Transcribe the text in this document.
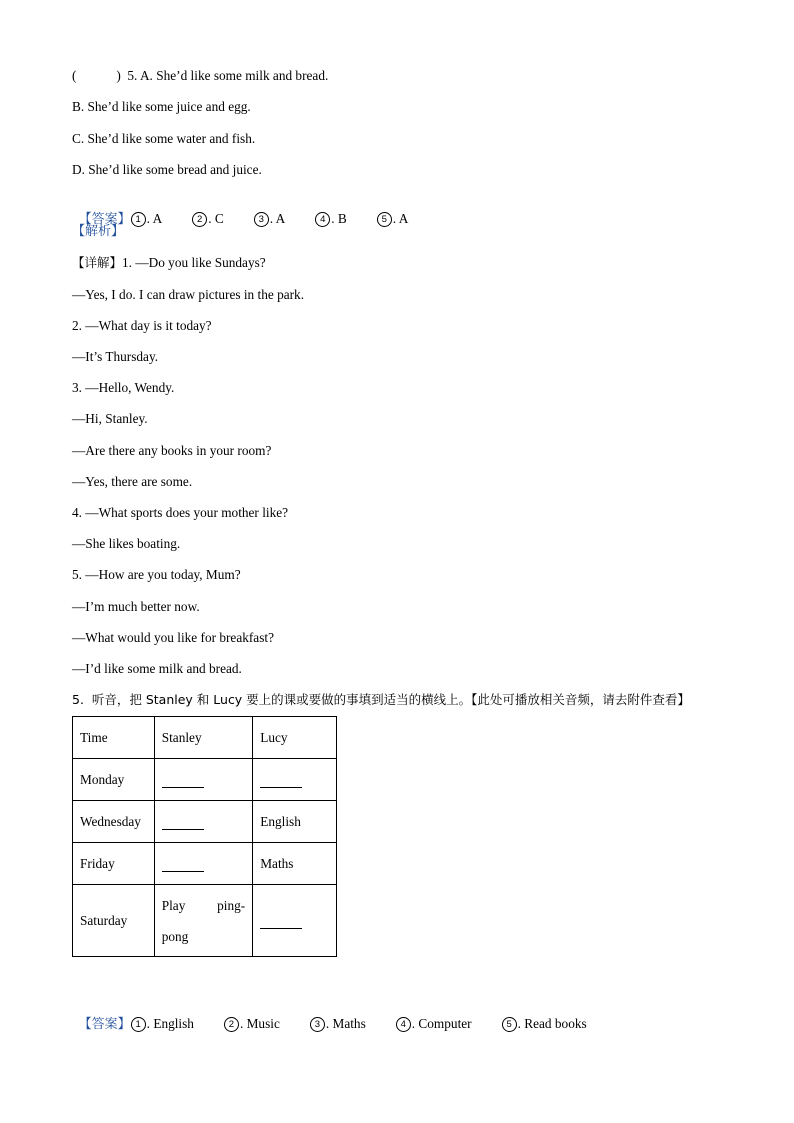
(            )  5. A. She’d like some milk and bread.
B. She’d like some juice and egg.
C. She’d like some water and fish.
D. She’d like some bread and juice.

【答案】 1 . A	2 . C	3 . A	4 . B	5 . A

【解析】
【详解】1. —Do you like Sundays?
—Yes, I do. I can draw pictures in the park.
2. —What day is it today?
—It’s Thursday.
3. —Hello, Wendy.
—Hi, Stanley.
—Are there any books in your room?
—Yes, there are some.
4. —What sports does your mother like?
—She likes boating.
5. —How are you today, Mum?
—I’m much better now.
—What would you like for breakfast?
—I’d like some milk and bread.
5.  听音，把 Stanley 和 Lucy 要上的课或要做的事填到适当的横线上。【此处可播放相关音频，请去附件查看】
Time	Stanley	Lucy
Monday		
Wednesday		English
Friday		Maths
Saturday	Play ping-
pong	

【答案】 1 . English	2 . Music	3 . Maths	4 . Computer	5 . Read books
